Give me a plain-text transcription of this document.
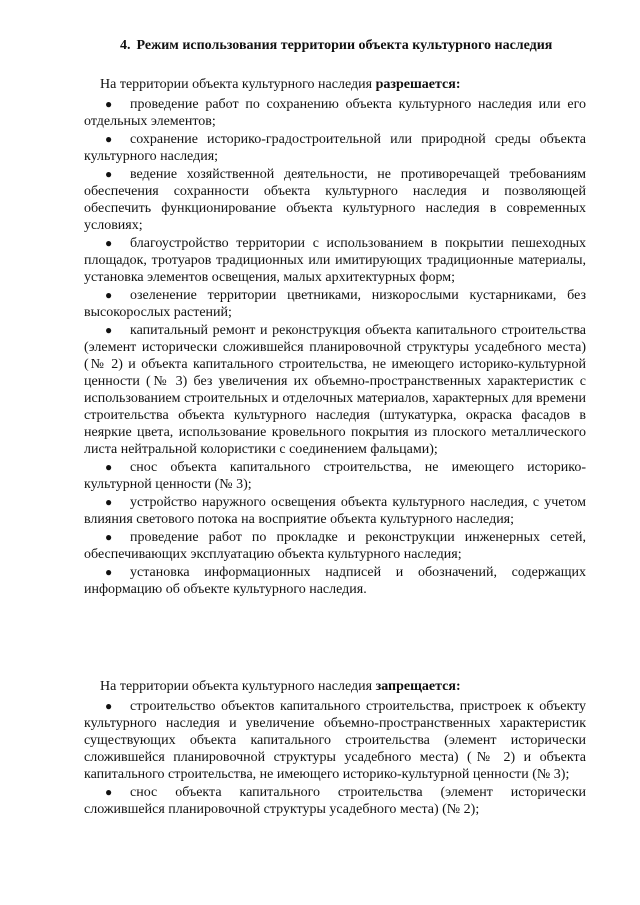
4. Режим использования территории объекта культурного наследия

На территории объекта культурного наследия разрешается:

● проведение работ по сохранению объекта культурного наследия или его отдельных элементов;
● сохранение историко-градостроительной или природной среды объекта культурного наследия;
● ведение хозяйственной деятельности, не противоречащей требованиям обеспечения сохранности объекта культурного наследия и позволяющей обеспечить функционирование объекта культурного наследия в современных условиях;
● благоустройство территории с использованием в покрытии пешеходных площадок, тротуаров традиционных или имитирующих традиционные материалы, установка элементов освещения, малых архитектурных форм;
● озеленение территории цветниками, низкорослыми кустарниками, без высокорослых растений;
● капитальный ремонт и реконструкция объекта капитального строительства (элемент исторически сложившейся планировочной структуры усадебного места) (№ 2) и объекта капитального строительства, не имеющего историко-культурной ценности (№ 3) без увеличения их объемно-пространственных характеристик с использованием строительных и отделочных материалов, характерных для времени строительства объекта культурного наследия (штукатурка, окраска фасадов в неяркие цвета, использование кровельного покрытия из плоского металлического листа нейтральной колористики с соединением фальцами);
● снос объекта капитального строительства, не имеющего историко-культурной ценности (№ 3);
● устройство наружного освещения объекта культурного наследия, с учетом влияния светового потока на восприятие объекта культурного наследия;
● проведение работ по прокладке и реконструкции инженерных сетей, обеспечивающих эксплуатацию объекта культурного наследия;
● установка информационных надписей и обозначений, содержащих информацию об объекте культурного наследия.

На территории объекта культурного наследия запрещается:

● строительство объектов капитального строительства, пристроек к объекту культурного наследия и увеличение объемно-пространственных характеристик существующих объекта капитального строительства (элемент исторически сложившейся планировочной структуры усадебного места) (№ 2) и объекта капитального строительства, не имеющего историко-культурной ценности (№ 3);
● снос объекта капитального строительства (элемент исторически сложившейся планировочной структуры усадебного места) (№ 2);
